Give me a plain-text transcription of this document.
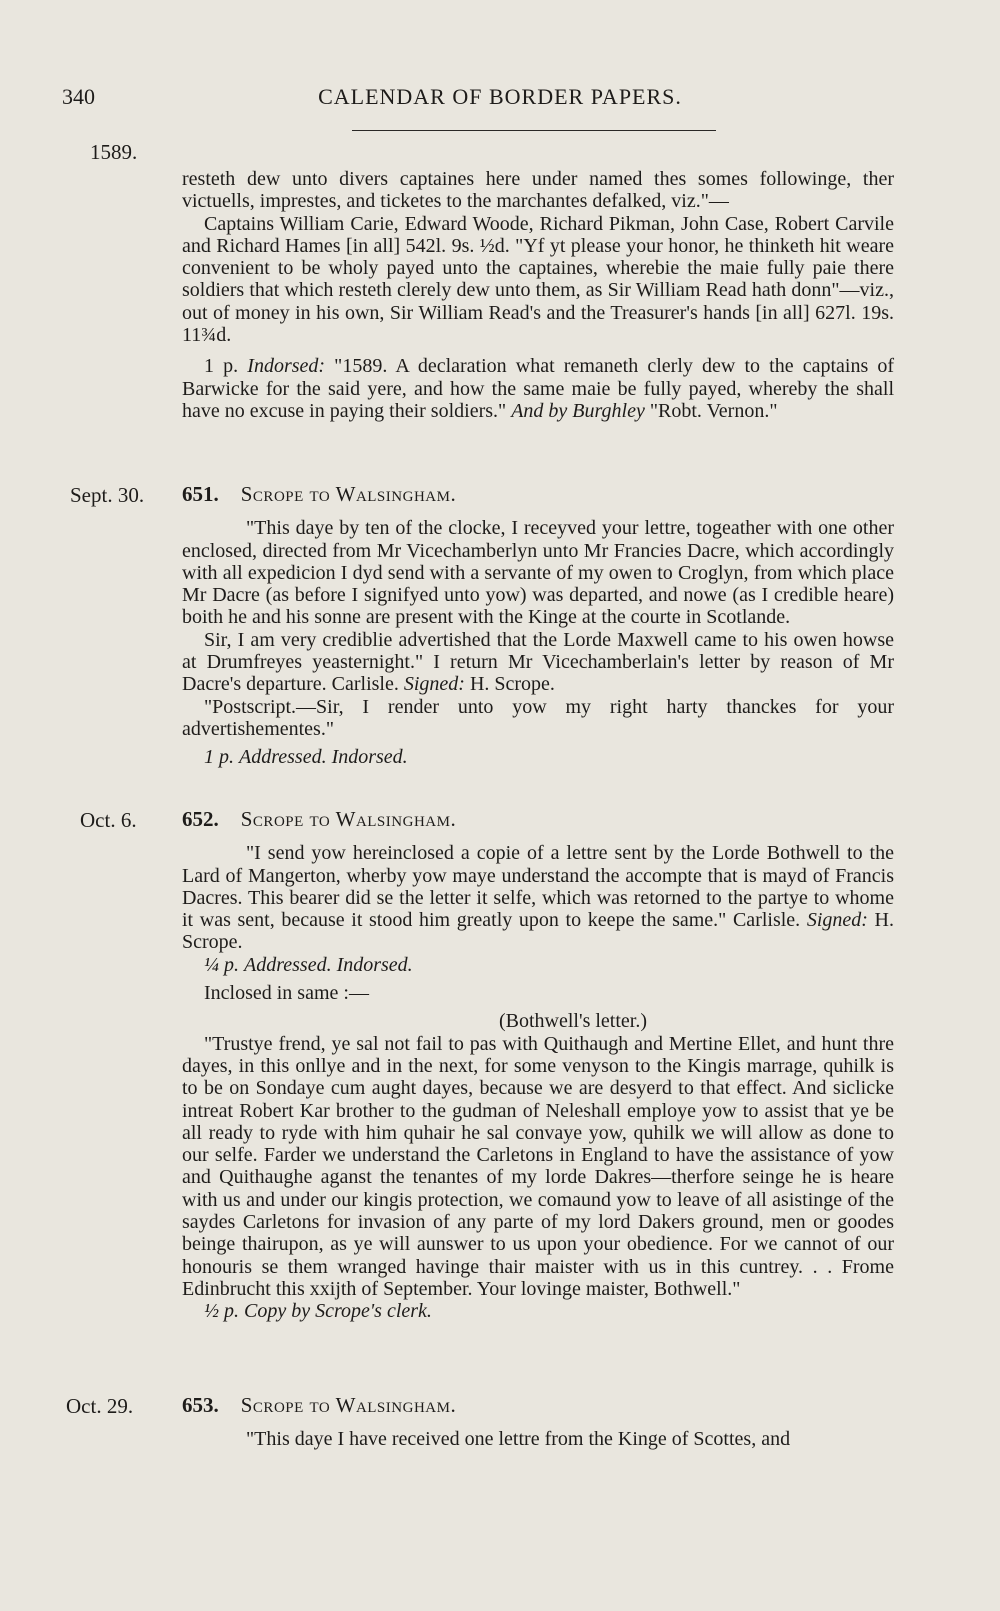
340	CALENDAR OF BORDER PAPERS.
1589.

resteth dew unto divers captaines here under named thes somes followinge, ther victuells, imprestes, and ticketes to the marchantes defalked, viz."—

Captains William Carie, Edward Woode, Richard Pikman, John Case, Robert Carvile and Richard Hames [in all] 542l. 9s. ½d. "Yf yt please your honor, he thinketh hit weare convenient to be wholy payed unto the captaines, wherebie the maie fully paie there soldiers that which resteth clerely dew unto them, as Sir William Read hath donn"—viz., out of money in his own, Sir William Read's and the Treasurer's hands [in all] 627l. 19s. 11¾d.

1 p. Indorsed: "1589. A declaration what remaneth clerly dew to the captains of Barwicke for the said yere, and how the same maie be fully payed, whereby the shall have no excuse in paying their soldiers." And by Burghley "Robt. Vernon."

Sept. 30. 651. Scrope to Walsingham.

"This daye by ten of the clocke, I receyved your lettre, togeather with one other enclosed, directed from Mr Vicechamberlyn unto Mr Francies Dacre, which accordingly with all expedicion I dyd send with a servante of my owen to Croglyn, from which place Mr Dacre (as before I signifyed unto yow) was departed, and nowe (as I credible heare) boith he and his sonne are present with the Kinge at the courte in Scotlande.

Sir, I am very crediblie advertished that the Lorde Maxwell came to his owen howse at Drumfreyes yeasternight." I return Mr Vicechamberlain's letter by reason of Mr Dacre's departure. Carlisle. Signed: H. Scrope.

"Postscript.—Sir, I render unto yow my right harty thanckes for your advertishementes."

1 p. Addressed. Indorsed.

Oct. 6. 652. Scrope to Walsingham.

"I send yow hereinclosed a copie of a lettre sent by the Lorde Bothwell to the Lard of Mangerton, wherby yow maye understand the accompte that is mayd of Francis Dacres. This bearer did se the letter it selfe, which was retorned to the partye to whome it was sent, because it stood him greatly upon to keepe the same." Carlisle. Signed: H. Scrope.

¼ p. Addressed. Indorsed.

Inclosed in same :—

(Bothwell's letter.)

"Trustye frend, ye sal not fail to pas with Quithaugh and Mertine Ellet, and hunt thre dayes, in this onllye and in the next, for some venyson to the Kingis marrage, quhilk is to be on Sondaye cum aught dayes, because we are desyerd to that effect. And siclicke intreat Robert Kar brother to the gudman of Neleshall employe yow to assist that ye be all ready to ryde with him quhair he sal convaye yow, quhilk we will allow as done to our selfe. Farder we understand the Carletons in England to have the assistance of yow and Quithaughe aganst the tenantes of my lorde Dakres—therfore seinge he is heare with us and under our kingis protection, we comaund yow to leave of all asistinge of the saydes Carletons for invasion of any parte of my lord Dakers ground, men or goodes beinge thairupon, as ye will aunswer to us upon your obedience. For we cannot of our honouris se them wranged havinge thair maister with us in this cuntrey. . . Frome Edinbrucht this xxijth of September. Your lovinge maister, Bothwell."

½ p. Copy by Scrope's clerk.

Oct. 29. 653. Scrope to Walsingham.

"This daye I have received one lettre from the Kinge of Scottes, and
